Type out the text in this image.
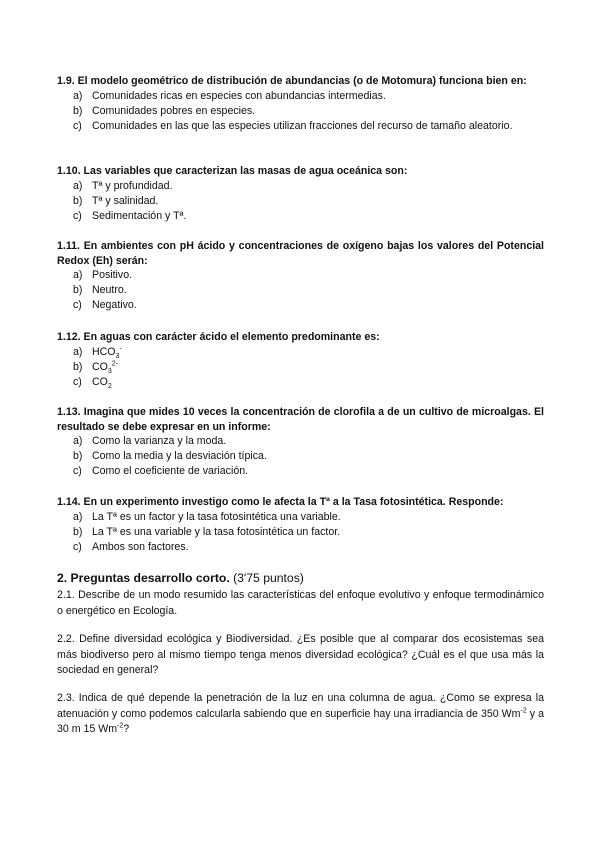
1.9. El modelo geométrico de distribución de abundancias (o de Motomura) funciona bien en:
a) Comunidades ricas en especies con abundancias intermedias.
b) Comunidades pobres en especies.
c) Comunidades en las que las especies utilizan fracciones del recurso de tamaño aleatorio.
1.10. Las variables que caracterizan las masas de agua oceánica son:
a) Tª y profundidad.
b) Tª y salinidad.
c) Sedimentación y Tª.
1.11. En ambientes con pH ácido y concentraciones de oxígeno bajas los valores del Potencial Redox (Eh) serán:
a) Positivo.
b) Neutro.
c) Negativo.
1.12. En aguas con carácter ácido el elemento predominante es:
a) $HCO_3^-$
b) $CO_3^{2-}$
c) $CO_2$
1.13. Imagina que mides 10 veces la concentración de clorofila a de un cultivo de microalgas. El resultado se debe expresar en un informe:
a) Como la varianza y la moda.
b) Como la media y la desviación típica.
c) Como el coeficiente de variación.
1.14. En un experimento investigo como le afecta la Tª a la Tasa fotosintética. Responde:
a) La Tª es un factor y la tasa fotosintética una variable.
b) La Tª es una variable y la tasa fotosintética un factor.
c) Ambos son factores.
2. Preguntas desarrollo corto. (3'75 puntos)
2.1. Describe de un modo resumido las características del enfoque evolutivo y enfoque termodinámico o energético en Ecología.
2.2. Define diversidad ecológica y Biodiversidad. ¿Es posible que al comparar dos ecosistemas sea más biodiverso pero al mismo tiempo tenga menos diversidad ecológica? ¿Cuál es el que usa más la sociedad en general?
2.3. Indica de qué depende la penetración de la luz en una columna de agua. ¿Como se expresa la atenuación y como podemos calcularla sabiendo que en superficie hay una irradiancia de 350 $Wm^{-2}$ y a 30 m 15 $Wm^{-2}$?
